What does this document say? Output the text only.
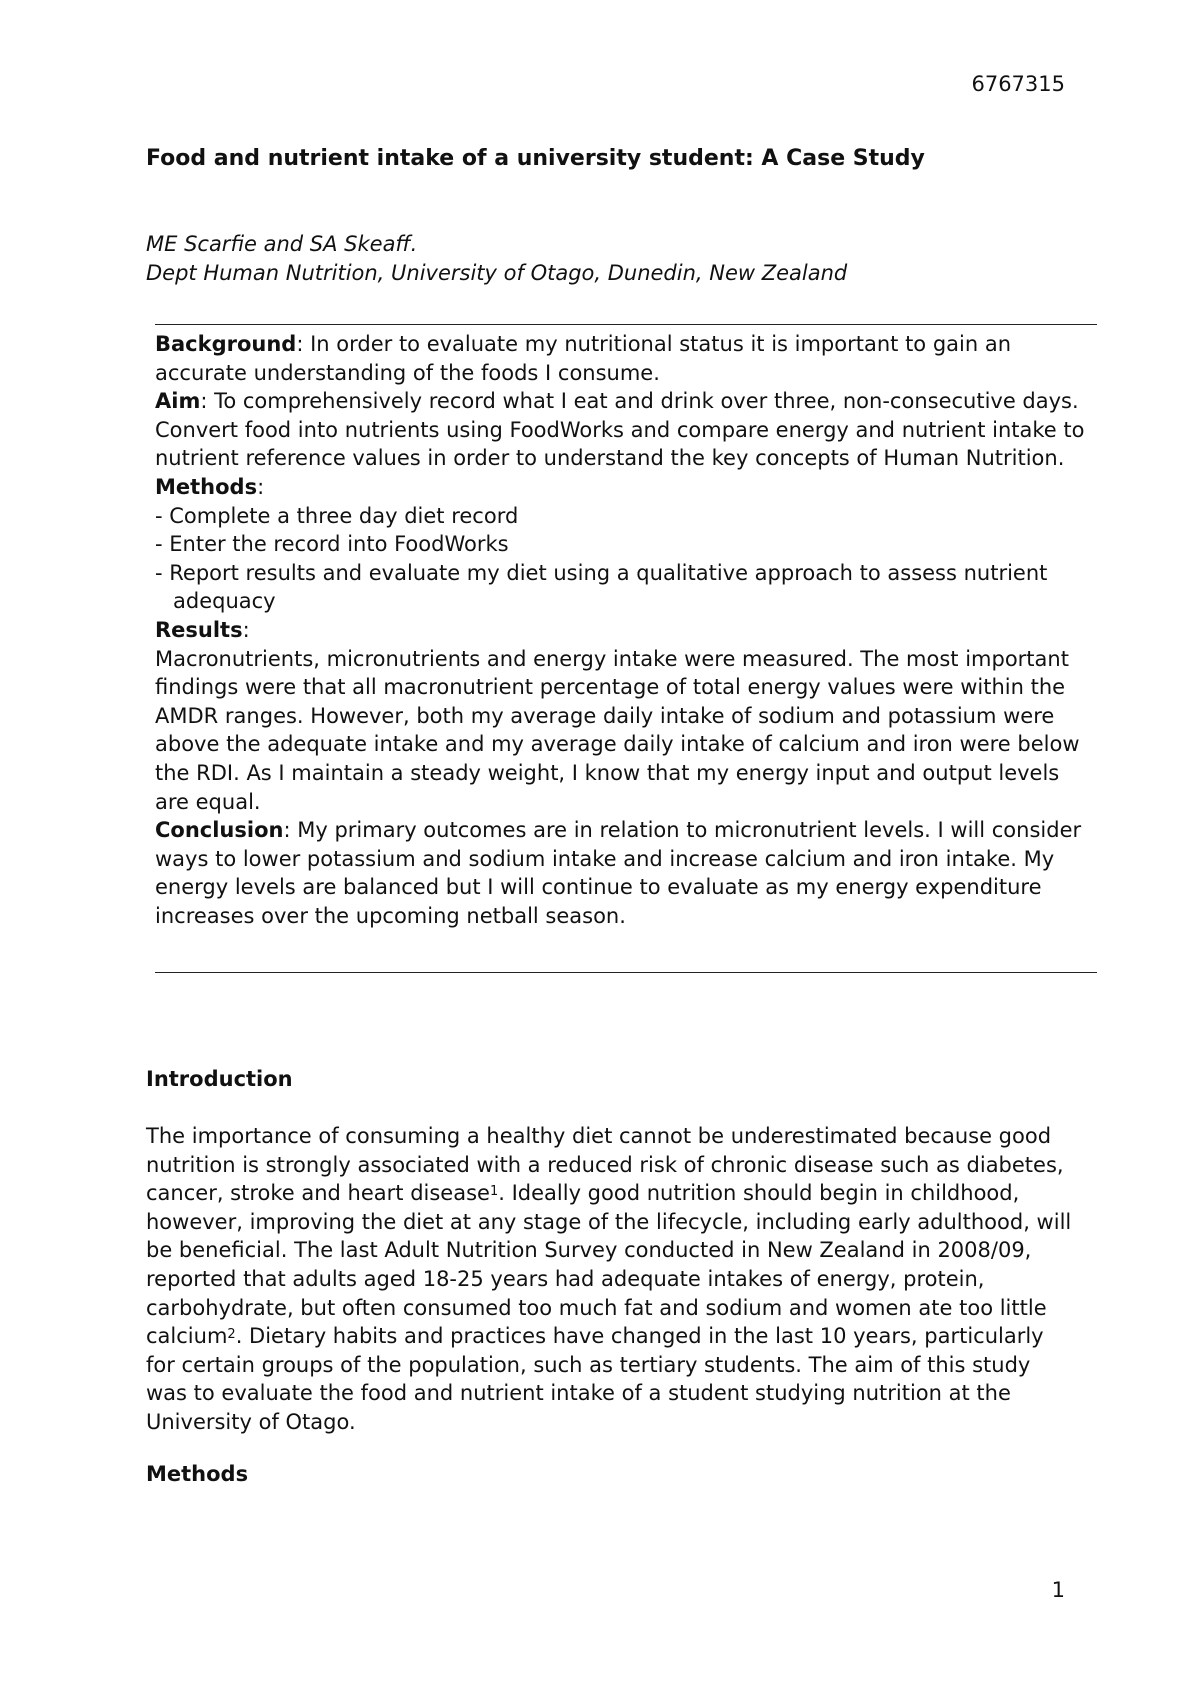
6767315
Food and nutrient intake of a university student: A Case Study
ME Scarfie and SA Skeaff.
Dept Human Nutrition, University of Otago, Dunedin, New Zealand

Background: In order to evaluate my nutritional status it is important to gain an accurate understanding of the foods I consume.

Aim: To comprehensively record what I eat and drink over three, non-consecutive days. Convert food into nutrients using FoodWorks and compare energy and nutrient intake to nutrient reference values in order to understand the key concepts of Human Nutrition.

Methods:

- Complete a three day diet record
- Enter the record into FoodWorks
- Report results and evaluate my diet using a qualitative approach to assess nutrient adequacy

Results:

Macronutrients, micronutrients and energy intake were measured. The most important findings were that all macronutrient percentage of total energy values were within the AMDR ranges. However, both my average daily intake of sodium and potassium were above the adequate intake and my average daily intake of calcium and iron were below the RDI. As I maintain a steady weight, I know that my energy input and output levels are equal.

Conclusion: My primary outcomes are in relation to micronutrient levels. I will consider ways to lower potassium and sodium intake and increase calcium and iron intake. My energy levels are balanced but I will continue to evaluate as my energy expenditure increases over the upcoming netball season.

Introduction

The importance of consuming a healthy diet cannot be underestimated because good nutrition is strongly associated with a reduced risk of chronic disease such as diabetes, cancer, stroke and heart disease$^1$. Ideally good nutrition should begin in childhood, however, improving the diet at any stage of the lifecycle, including early adulthood, will be beneficial. The last Adult Nutrition Survey conducted in New Zealand in 2008/09, reported that adults aged 18-25 years had adequate intakes of energy, protein, carbohydrate, but often consumed too much fat and sodium and women ate too little calcium$^2$. Dietary habits and practices have changed in the last 10 years, particularly for certain groups of the population, such as tertiary students. The aim of this study was to evaluate the food and nutrient intake of a student studying nutrition at the University of Otago.

Methods
1
